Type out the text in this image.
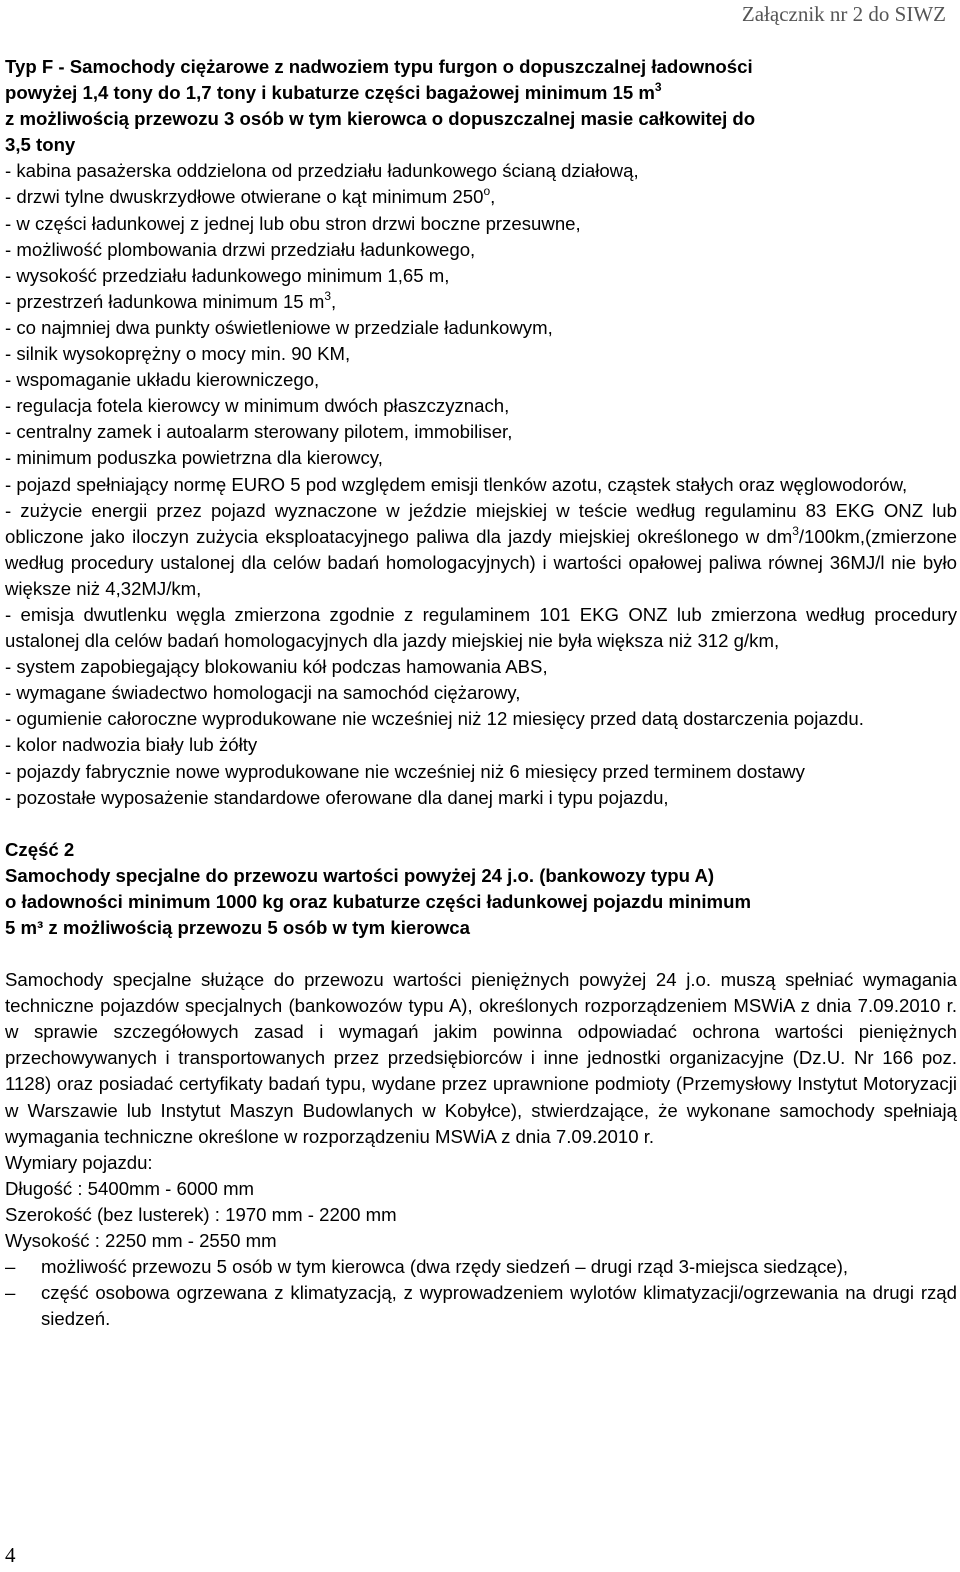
Załącznik nr 2 do SIWZ
Typ F - Samochody ciężarowe z nadwoziem typu furgon o dopuszczalnej ładowności
powyżej 1,4 tony do 1,7 tony i kubaturze części bagażowej minimum 15 $m^3$
z możliwością przewozu 3 osób w tym kierowca o dopuszczalnej masie całkowitej do
3,5 tony
- kabina pasażerska oddzielona od przedziału ładunkowego ścianą działową,
- drzwi tylne dwuskrzydłowe otwierane o kąt minimum 250$^o$,
- w części ładunkowej z jednej lub obu stron drzwi boczne przesuwne,
- możliwość plombowania drzwi przedziału ładunkowego,
- wysokość przedziału ładunkowego minimum 1,65 m,
- przestrzeń ładunkowa minimum 15 $m^3$,
- co najmniej dwa punkty oświetleniowe w przedziale ładunkowym,
- silnik wysokoprężny o mocy min. 90 KM,
- wspomaganie układu kierowniczego,
- regulacja fotela kierowcy w minimum dwóch płaszczyznach,
- centralny zamek i autoalarm sterowany pilotem, immobiliser,
- minimum poduszka powietrzna dla kierowcy,
- pojazd spełniający normę EURO 5 pod względem emisji tlenków azotu, cząstek stałych oraz węglowodorów,
- zużycie energii przez pojazd wyznaczone w jeździe miejskiej w teście według regulaminu 83 EKG ONZ lub obliczone jako iloczyn zużycia eksploatacyjnego paliwa dla jazdy miejskiej określonego w $dm^3/100km,(zmierzone$ według procedury ustalonej dla celów badań homologacyjnych) i wartości opałowej paliwa równej 36MJ/l nie było większe niż 4,32MJ/km,
- emisja dwutlenku węgla zmierzona zgodnie z regulaminem 101 EKG ONZ lub zmierzona według procedury ustalonej dla celów badań homologacyjnych dla jazdy miejskiej nie była większa niż 312 g/km,
- system zapobiegający blokowaniu kół podczas hamowania ABS,
- wymagane świadectwo homologacji na samochód ciężarowy,
- ogumienie całoroczne wyprodukowane nie wcześniej niż 12 miesięcy przed datą dostarczenia pojazdu.
- kolor nadwozia biały lub żółty
- pojazdy fabrycznie nowe wyprodukowane nie wcześniej niż 6 miesięcy przed terminem dostawy
- pozostałe wyposażenie standardowe oferowane dla danej marki i typu pojazdu,
Część 2
Samochody specjalne do przewozu wartości powyżej 24 j.o. (bankowozy typu A)
o ładowności minimum 1000 kg oraz kubaturze części ładunkowej pojazdu minimum
5 m³ z możliwością przewozu 5 osób w tym kierowca
Samochody specjalne służące do przewozu wartości pieniężnych powyżej 24 j.o. muszą spełniać wymagania techniczne pojazdów specjalnych (bankowozów typu A), określonych rozporządzeniem MSWiA z dnia 7.09.2010 r. w sprawie szczegółowych zasad i wymagań jakim powinna odpowiadać ochrona wartości pieniężnych przechowywanych i transportowanych przez przedsiębiorców i inne jednostki organizacyjne (Dz.U. Nr 166 poz. 1128) oraz posiadać certyfikaty badań typu, wydane przez uprawnione podmioty (Przemysłowy Instytut Motoryzacji w Warszawie lub Instytut Maszyn Budowlanych w Kobyłce), stwierdzające, że wykonane samochody spełniają wymagania techniczne określone w rozporządzeniu MSWiA z dnia 7.09.2010 r.
Wymiary pojazdu:
Długość : 5400mm - 6000 mm
Szerokość (bez lusterek) : 1970 mm - 2200 mm
Wysokość : 2250 mm - 2550 mm
–	możliwość przewozu 5 osób w tym kierowca (dwa rzędy siedzeń – drugi rząd 3-miejsca siedzące),
–	część osobowa ogrzewana z klimatyzacją, z wyprowadzeniem wylotów klimatyzacji/ogrzewania na drugi rząd siedzeń.
4
